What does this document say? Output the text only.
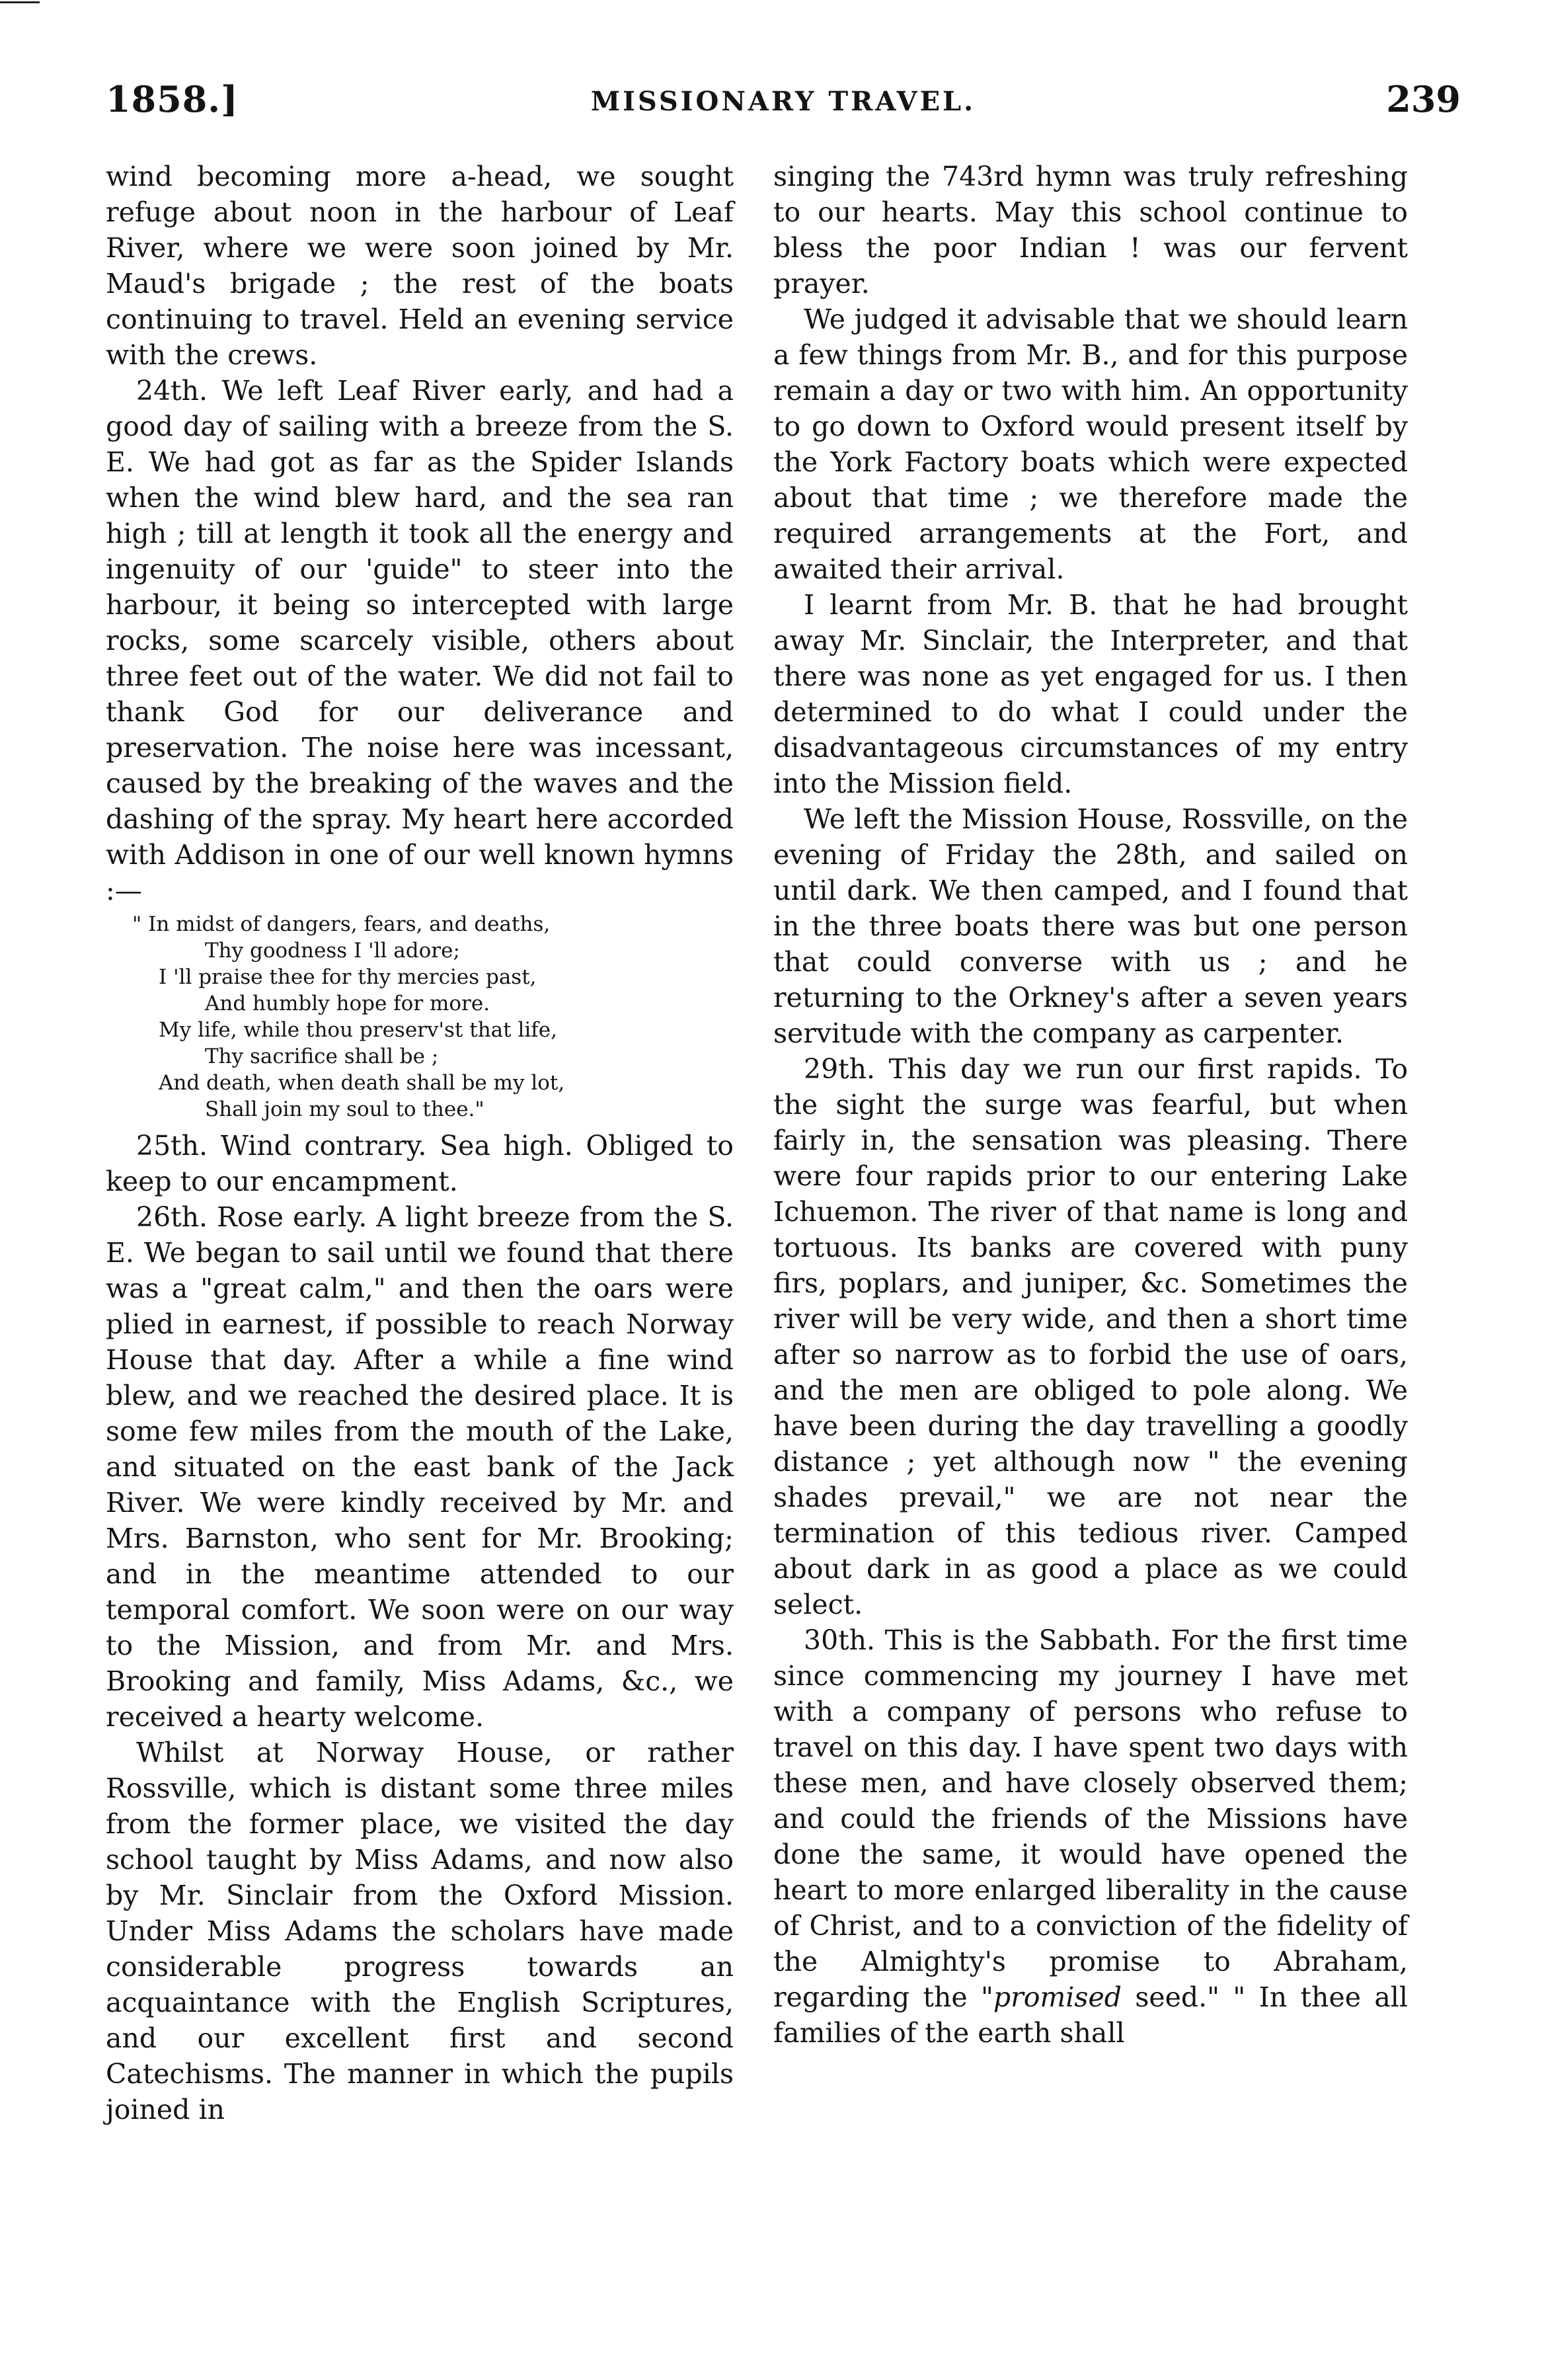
1858.]	MISSIONARY TRAVEL.	239

wind becoming more a-head, we sought refuge about noon in the harbour of Leaf River, where we were soon joined by Mr. Maud's brigade ; the rest of the boats continuing to travel. Held an evening service with the crews.

24th. We left Leaf River early, and had a good day of sailing with a breeze from the S. E. We had got as far as the Spider Islands when the wind blew hard, and the sea ran high ; till at length it took all the energy and ingenuity of our 'guide" to steer into the harbour, it being so intercepted with large rocks, some scarcely visible, others about three feet out of the water. We did not fail to thank God for our deliverance and preservation. The noise here was incessant, caused by the breaking of the waves and the dashing of the spray. My heart here accorded with Addison in one of our well known hymns :—

" In midst of dangers, fears, and deaths,
Thy goodness I 'll adore;
I 'll praise thee for thy mercies past,
And humbly hope for more.
My life, while thou preserv'st that life,
Thy sacrifice shall be ;
And death, when death shall be my lot,
Shall join my soul to thee."

25th. Wind contrary. Sea high. Obliged to keep to our encampment.

26th. Rose early. A light breeze from the S. E. We began to sail until we found that there was a "great calm," and then the oars were plied in earnest, if possible to reach Norway House that day. After a while a fine wind blew, and we reached the desired place. It is some few miles from the mouth of the Lake, and situated on the east bank of the Jack River. We were kindly received by Mr. and Mrs. Barnston, who sent for Mr. Brooking; and in the meantime attended to our temporal comfort. We soon were on our way to the Mission, and from Mr. and Mrs. Brooking and family, Miss Adams, &c., we received a hearty welcome.

Whilst at Norway House, or rather Rossville, which is distant some three miles from the former place, we visited the day school taught by Miss Adams, and now also by Mr. Sinclair from the Oxford Mission. Under Miss Adams the scholars have made considerable progress towards an acquaintance with the English Scriptures, and our excellent first and second Catechisms. The manner in which the pupils joined in

singing the 743rd hymn was truly refreshing to our hearts. May this school continue to bless the poor Indian ! was our fervent prayer.

We judged it advisable that we should learn a few things from Mr. B., and for this purpose remain a day or two with him. An opportunity to go down to Oxford would present itself by the York Factory boats which were expected about that time ; we therefore made the required arrangements at the Fort, and awaited their arrival.

I learnt from Mr. B. that he had brought away Mr. Sinclair, the Interpreter, and that there was none as yet engaged for us. I then determined to do what I could under the disadvantageous circumstances of my entry into the Mission field.

We left the Mission House, Rossville, on the evening of Friday the 28th, and sailed on until dark. We then camped, and I found that in the three boats there was but one person that could converse with us ; and he returning to the Orkney's after a seven years servitude with the company as carpenter.

29th. This day we run our first rapids. To the sight the surge was fearful, but when fairly in, the sensation was pleasing. There were four rapids prior to our entering Lake Ichuemon. The river of that name is long and tortuous. Its banks are covered with puny firs, poplars, and juniper, &c. Sometimes the river will be very wide, and then a short time after so narrow as to forbid the use of oars, and the men are obliged to pole along. We have been during the day travelling a goodly distance ; yet although now " the evening shades prevail," we are not near the termination of this tedious river. Camped about dark in as good a place as we could select.

30th. This is the Sabbath. For the first time since commencing my journey I have met with a company of persons who refuse to travel on this day. I have spent two days with these men, and have closely observed them; and could the friends of the Missions have done the same, it would have opened the heart to more enlarged liberality in the cause of Christ, and to a conviction of the fidelity of the Almighty's promise to Abraham, regarding the "promised seed." " In thee all families of the earth shall
